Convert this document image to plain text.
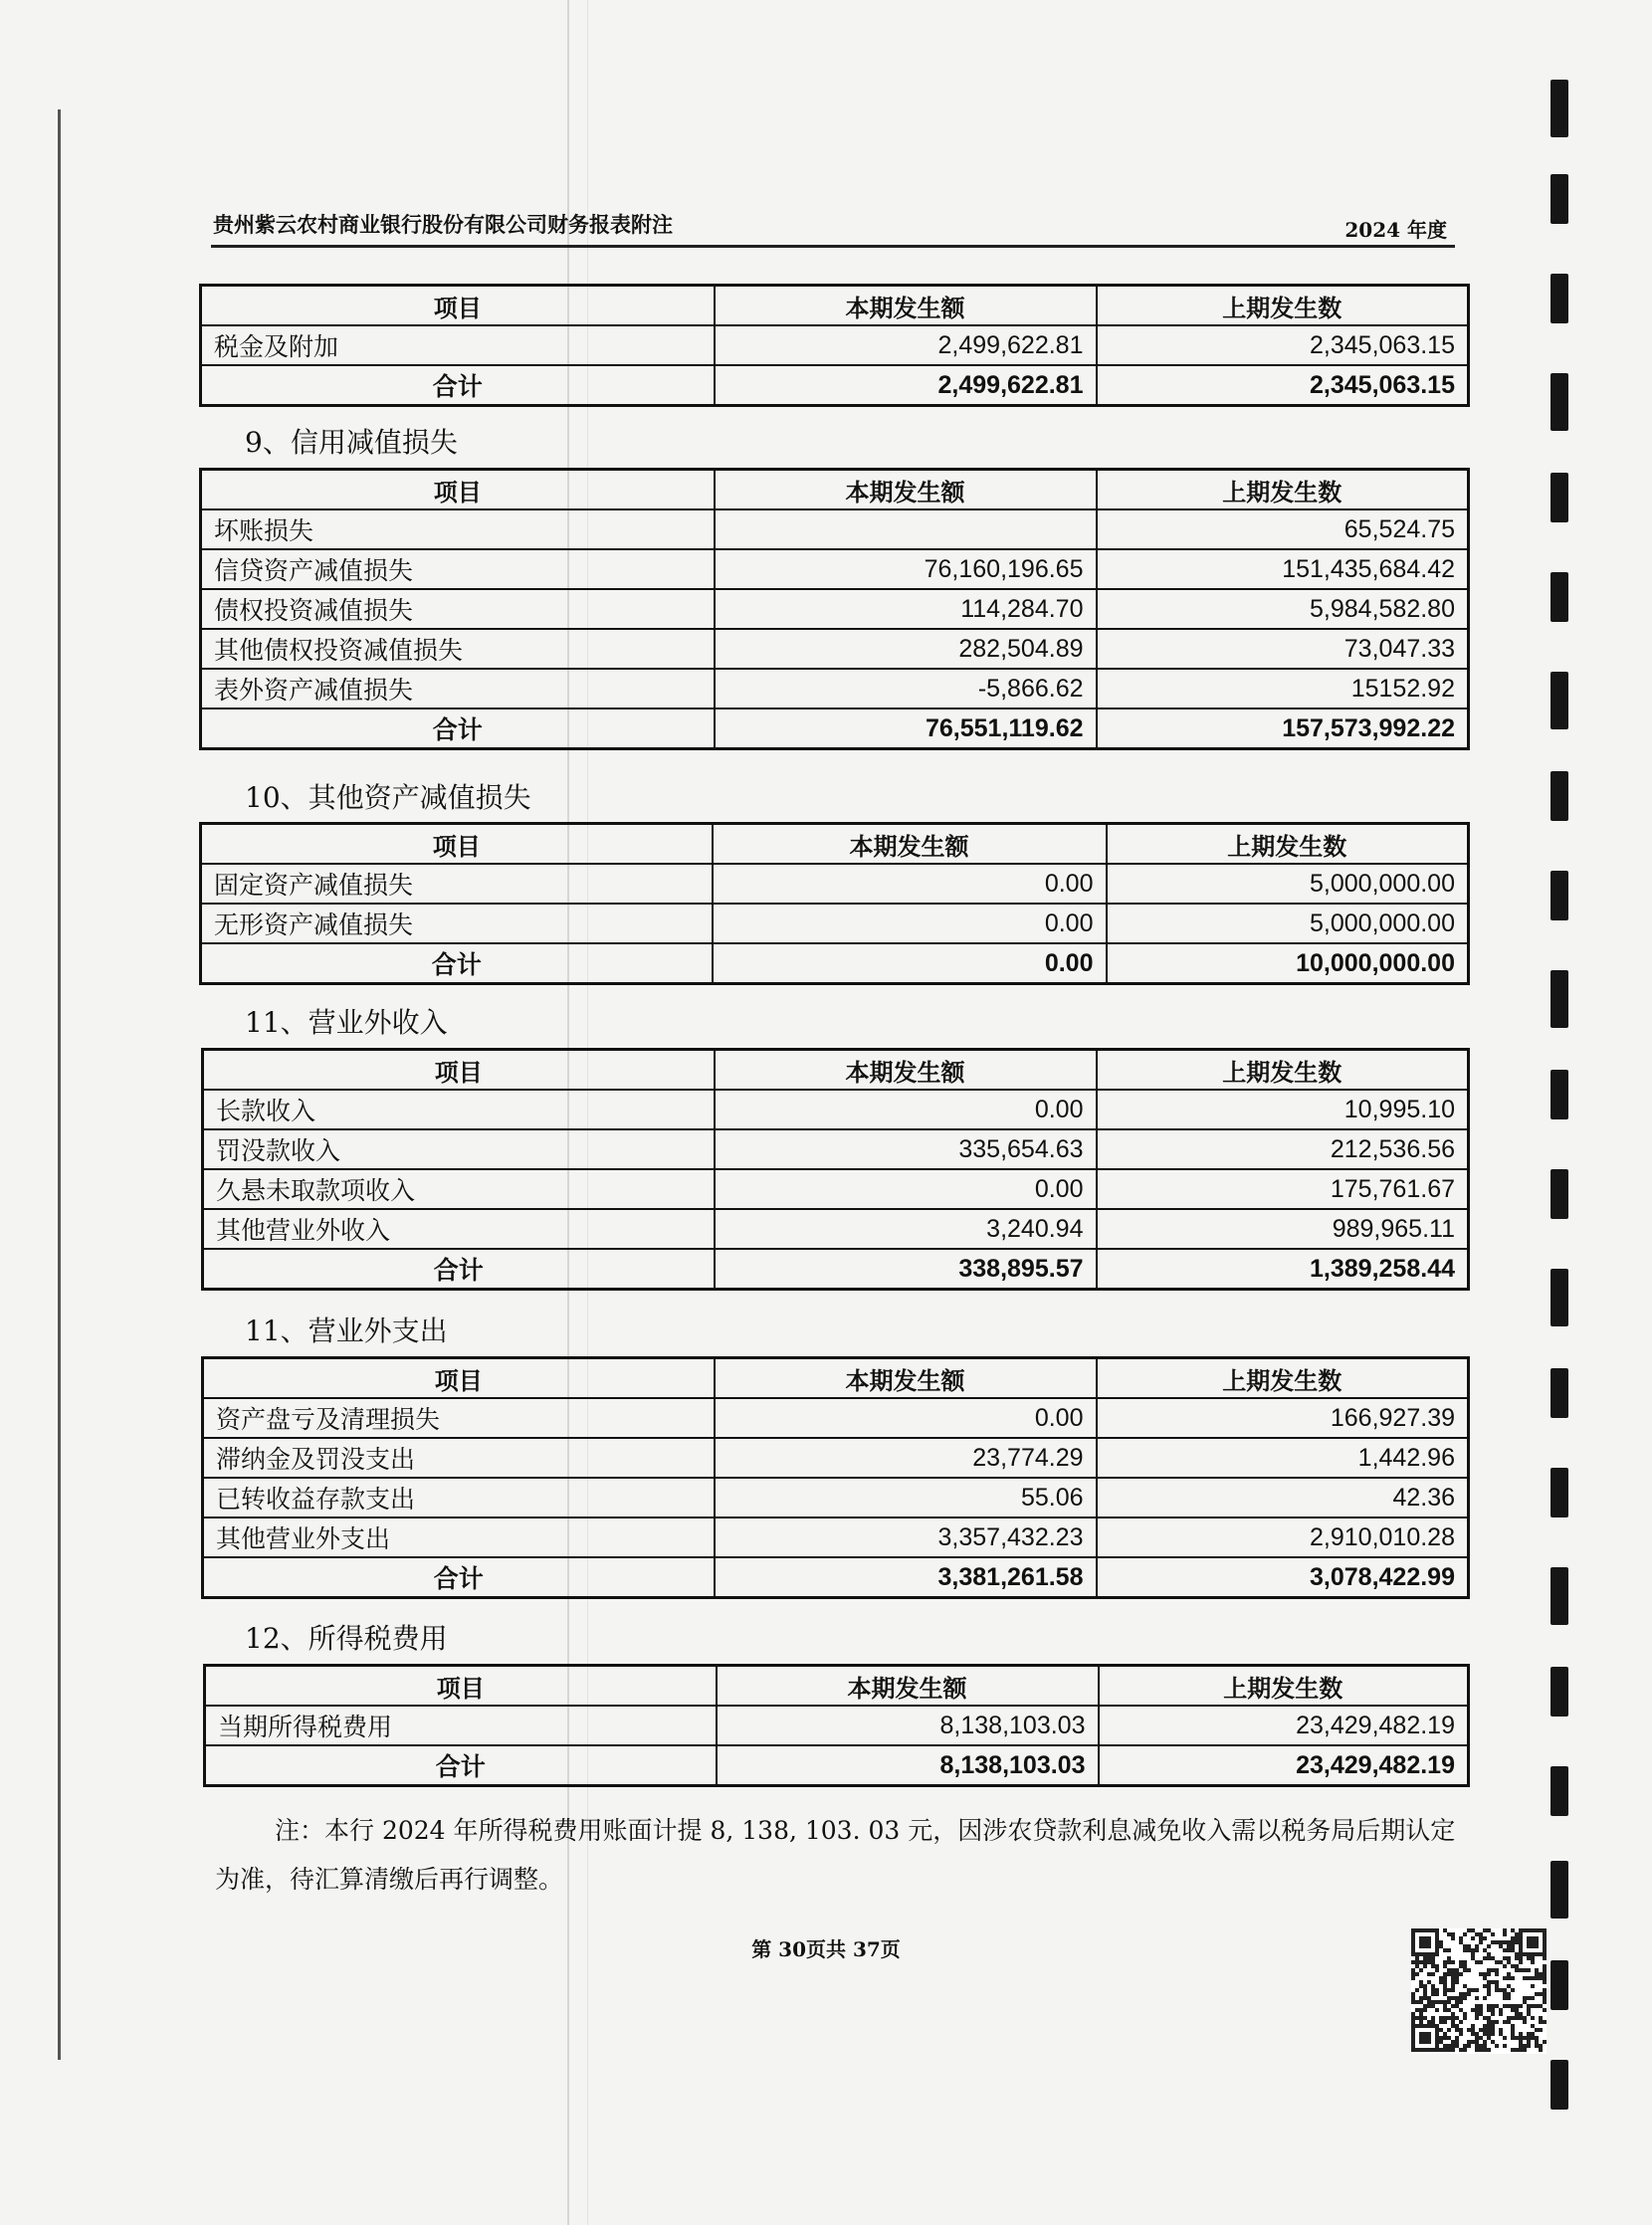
贵州紫云农村商业银行股份有限公司财务报表附注	2024 年度
项目	本期发生额	上期发生数
税金及附加	2,499,622.81	2,345,063.15
合计	2,499,622.81	2,345,063.15
9、信用减值损失
项目	本期发生额	上期发生数
坏账损失		65,524.75
信贷资产减值损失	76,160,196.65	151,435,684.42
债权投资减值损失	114,284.70	5,984,582.80
其他债权投资减值损失	282,504.89	73,047.33
表外资产减值损失	-5,866.62	15152.92
合计	76,551,119.62	157,573,992.22
10、其他资产减值损失
项目	本期发生额	上期发生数
固定资产减值损失	0.00	5,000,000.00
无形资产减值损失	0.00	5,000,000.00
合计	0.00	10,000,000.00
11、营业外收入
项目	本期发生额	上期发生数
长款收入	0.00	10,995.10
罚没款收入	335,654.63	212,536.56
久悬未取款项收入	0.00	175,761.67
其他营业外收入	3,240.94	989,965.11
合计	338,895.57	1,389,258.44
11、营业外支出
项目	本期发生额	上期发生数
资产盘亏及清理损失	0.00	166,927.39
滞纳金及罚没支出	23,774.29	1,442.96
已转收益存款支出	55.06	42.36
其他营业外支出	3,357,432.23	2,910,010.28
合计	3,381,261.58	3,078,422.99
12、所得税费用
项目	本期发生额	上期发生数
当期所得税费用	8,138,103.03	23,429,482.19
合计	8,138,103.03	23,429,482.19
注：本行 2024 年所得税费用账面计提 8, 138, 103. 03 元，因涉农贷款利息减免收入需以税务局后期认定为准，待汇算清缴后再行调整。
第 30页共 37页
